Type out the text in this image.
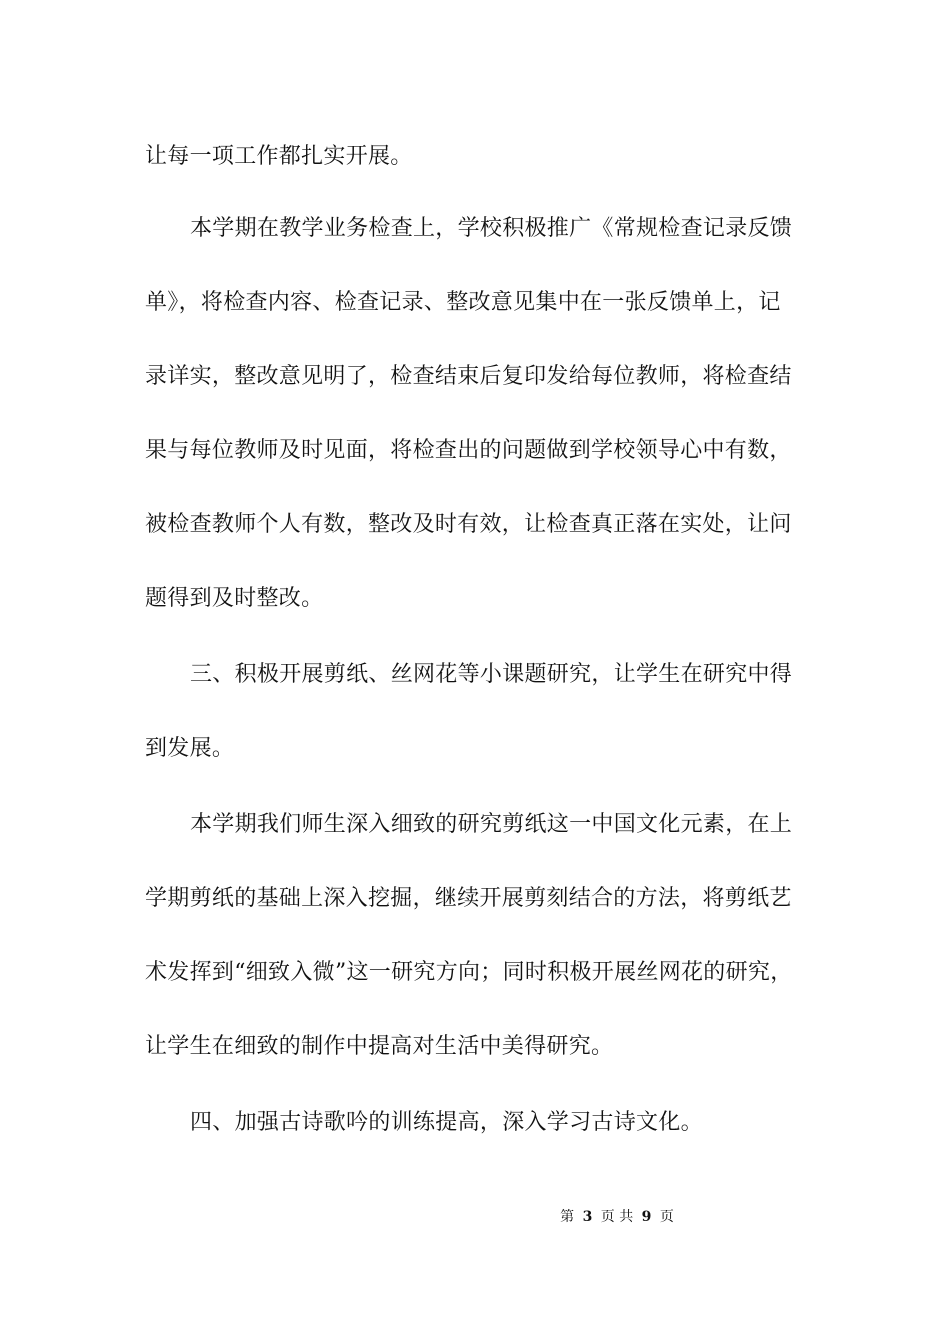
让每一项工作都扎实开展。
本学期在教学业务检查上，学校积极推广《常规检查记录反馈
单》，将检查内容、检查记录、整改意见集中在一张反馈单上，记
录详实，整改意见明了，检查结束后复印发给每位教师，将检查结
果与每位教师及时见面，将检查出的问题做到学校领导心中有数，
被检查教师个人有数，整改及时有效，让检查真正落在实处，让问
题得到及时整改。
三、积极开展剪纸、丝网花等小课题研究，让学生在研究中得
到发展。
本学期我们师生深入细致的研究剪纸这一中国文化元素，在上
学期剪纸的基础上深入挖掘，继续开展剪刻结合的方法，将剪纸艺
术发挥到“细致入微”这一研究方向；同时积极开展丝网花的研究，
让学生在细致的制作中提高对生活中美得研究。
四、加强古诗歌吟的训练提高，深入学习古诗文化。
第 3 页 共 9 页
